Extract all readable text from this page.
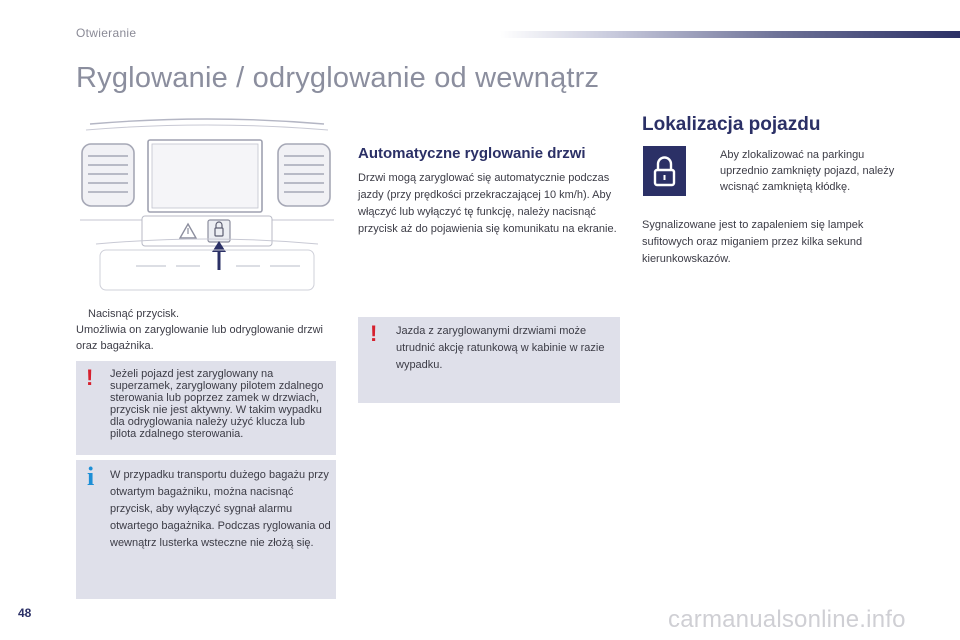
Otwieranie
Ryglowanie / odryglowanie od wewnątrz
Nacisnąć przycisk.
Umożliwia on zaryglowanie lub odryglowanie drzwi oraz bagażnika.
! Jeżeli pojazd jest zaryglowany na superzamek, zaryglowany pilotem zdalnego sterowania lub poprzez zamek w drzwiach, przycisk nie jest aktywny. W takim wypadku dla odryglowania należy użyć klucza lub pilota zdalnego sterowania.
i W przypadku transportu dużego bagażu przy otwartym bagażniku, można nacisnąć przycisk, aby wyłączyć sygnał alarmu otwartego bagażnika. Podczas ryglowania od wewnątrz lusterka wsteczne nie złożą się.
Automatyczne ryglowanie drzwi
Drzwi mogą zaryglować się automatycznie podczas jazdy (przy prędkości przekraczającej 10 km/h). Aby włączyć lub wyłączyć tę funkcję, należy nacisnąć przycisk aż do pojawienia się komunikatu na ekranie.
! Jazda z zaryglowanymi drzwiami może utrudnić akcję ratunkową w kabinie w razie wypadku.
Lokalizacja pojazdu
Aby zlokalizować na parkingu uprzednio zamknięty pojazd, należy wcisnąć zamkniętą kłódkę.
Sygnalizowane jest to zapaleniem się lampek sufitowych oraz miganiem przez kilka sekund kierunkowskazów.
48	carmanualsonline.info
